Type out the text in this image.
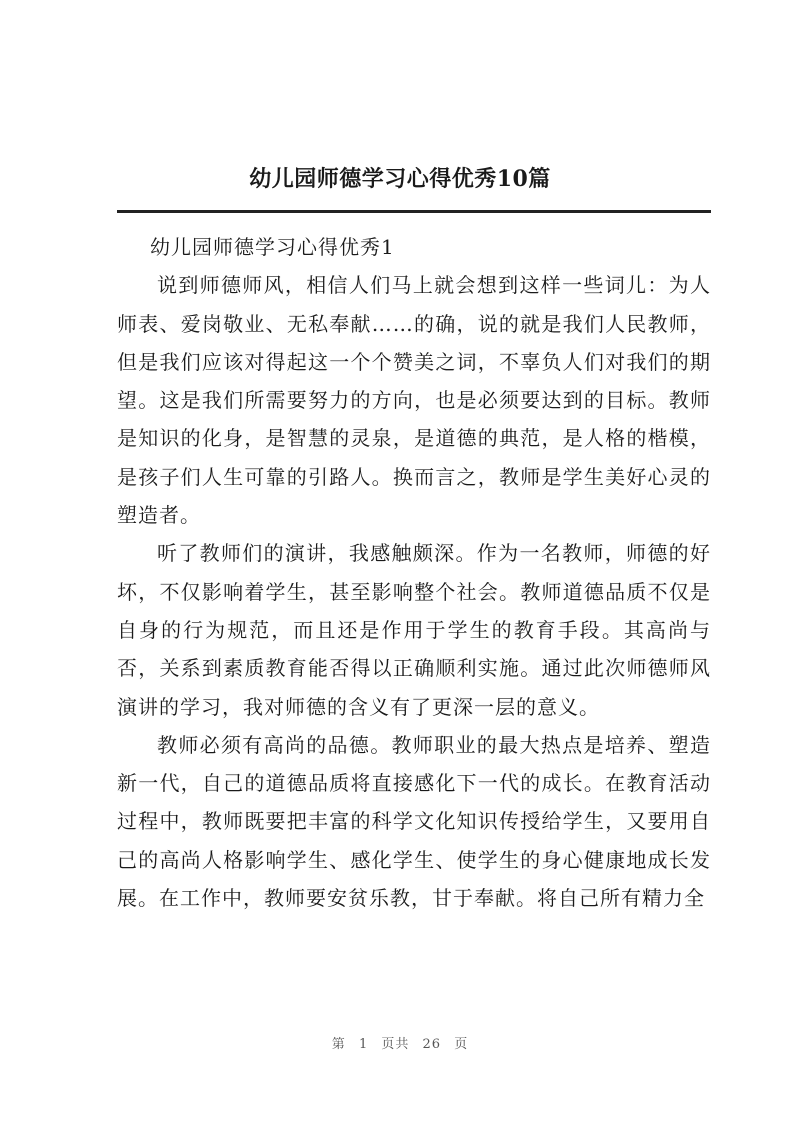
幼儿园师德学习心得优秀10篇

幼儿园师德学习心得优秀1

说到师德师风，相信人们马上就会想到这样一些词儿：为人师表、爱岗敬业、无私奉献……的确，说的就是我们人民教师，但是我们应该对得起这一个个赞美之词，不辜负人们对我们的期望。这是我们所需要努力的方向，也是必须要达到的目标。教师是知识的化身，是智慧的灵泉，是道德的典范，是人格的楷模，是孩子们人生可靠的引路人。换而言之，教师是学生美好心灵的塑造者。

听了教师们的演讲，我感触颇深。作为一名教师，师德的好坏，不仅影响着学生，甚至影响整个社会。教师道德品质不仅是自身的行为规范，而且还是作用于学生的教育手段。其高尚与否，关系到素质教育能否得以正确顺利实施。通过此次师德师风演讲的学习，我对师德的含义有了更深一层的意义。

教师必须有高尚的品德。教师职业的最大热点是培养、塑造新一代，自己的道德品质将直接感化下一代的成长。在教育活动过程中，教师既要把丰富的科学文化知识传授给学生，又要用自己的高尚人格影响学生、感化学生、使学生的身心健康地成长发展。在工作中，教师要安贫乐教，甘于奉献。将自己所有精力全

第 1 页共 26 页
